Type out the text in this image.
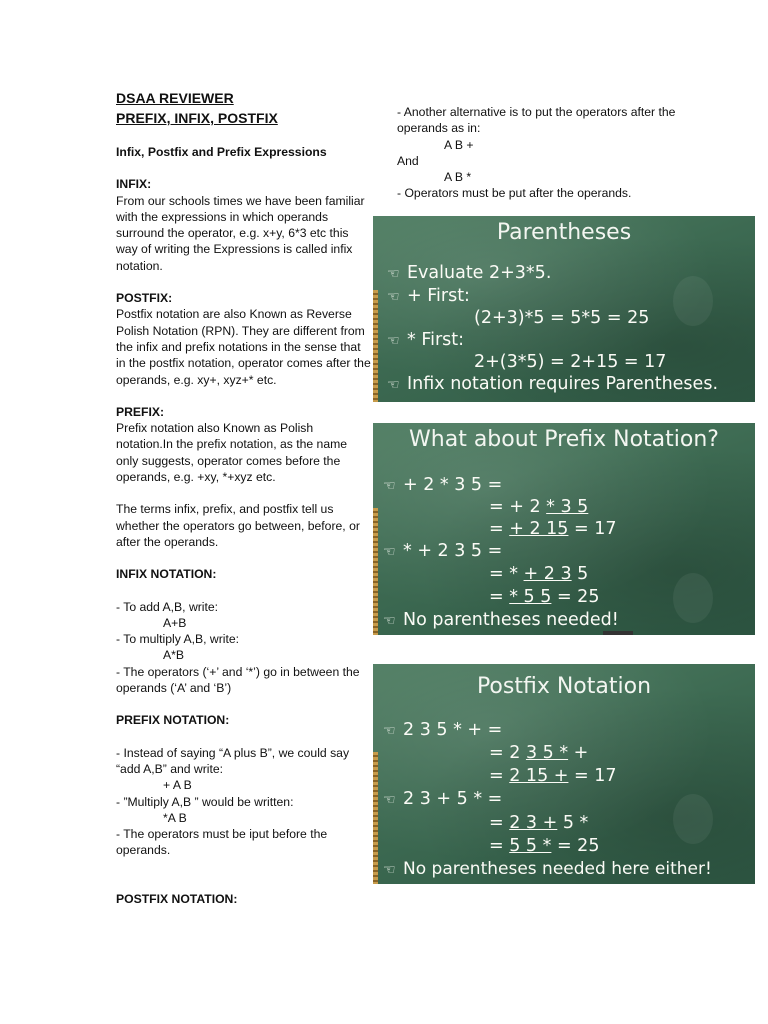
DSAA REVIEWER

PREFIX, INFIX, POSTFIX

Infix, Postfix and Prefix Expressions

INFIX:

From our schools times we have been familiar with the expressions in which operands surround the operator, e.g. x+y, 6*3 etc this way of writing the Expressions is called infix notation.

POSTFIX:

Postfix notation are also Known as Reverse Polish Notation (RPN). They are different from the infix and prefix notations in the sense that in the postfix notation, operator comes after the operands, e.g. xy+, xyz+* etc.

PREFIX:

Prefix notation also Known as Polish notation.In the prefix notation, as the name only suggests, operator comes before the operands, e.g. +xy, *+xyz etc.

The terms infix, prefix, and postfix tell us whether the operators go between, before, or after the operands.

INFIX NOTATION:

- To add A,B, write:

A+B

- To multiply A,B, write:

A*B

- The operators (‘+’ and ‘*’) go in between the operands (‘A’ and ‘B’)

PREFIX NOTATION:

- Instead of saying “A plus B”, we could say “add A,B” and write:

+ A B

- ”Multiply A,B ” would be written:

*A B

- The operators must be iput before the operands.

POSTFIX NOTATION:

- Another alternative is to put the operators after the operands as in:

A B +

And

A B *

- Operators must be put after the operands.

Parentheses
☜ Evaluate 2+3*5.
☜ + First:
(2+3)*5 = 5*5 = 25
☜ * First:
2+(3*5) = 2+15 = 17
☜ Infix notation requires Parentheses.
What about Prefix Notation?
☜ + 2 * 3 5 =
= + 2 * 3 5
= + 2 15 = 17
☜ * + 2 3 5 =
= * + 2 3 5
= * 5 5 = 25
☜ No parentheses needed!
Postfix Notation
☜ 2 3 5 * + =
= 2 3 5 * +
= 2 15 + = 17
☜ 2 3 + 5 * =
= 2 3 + 5 *
= 5 5 * = 25
☜ No parentheses needed here either!
